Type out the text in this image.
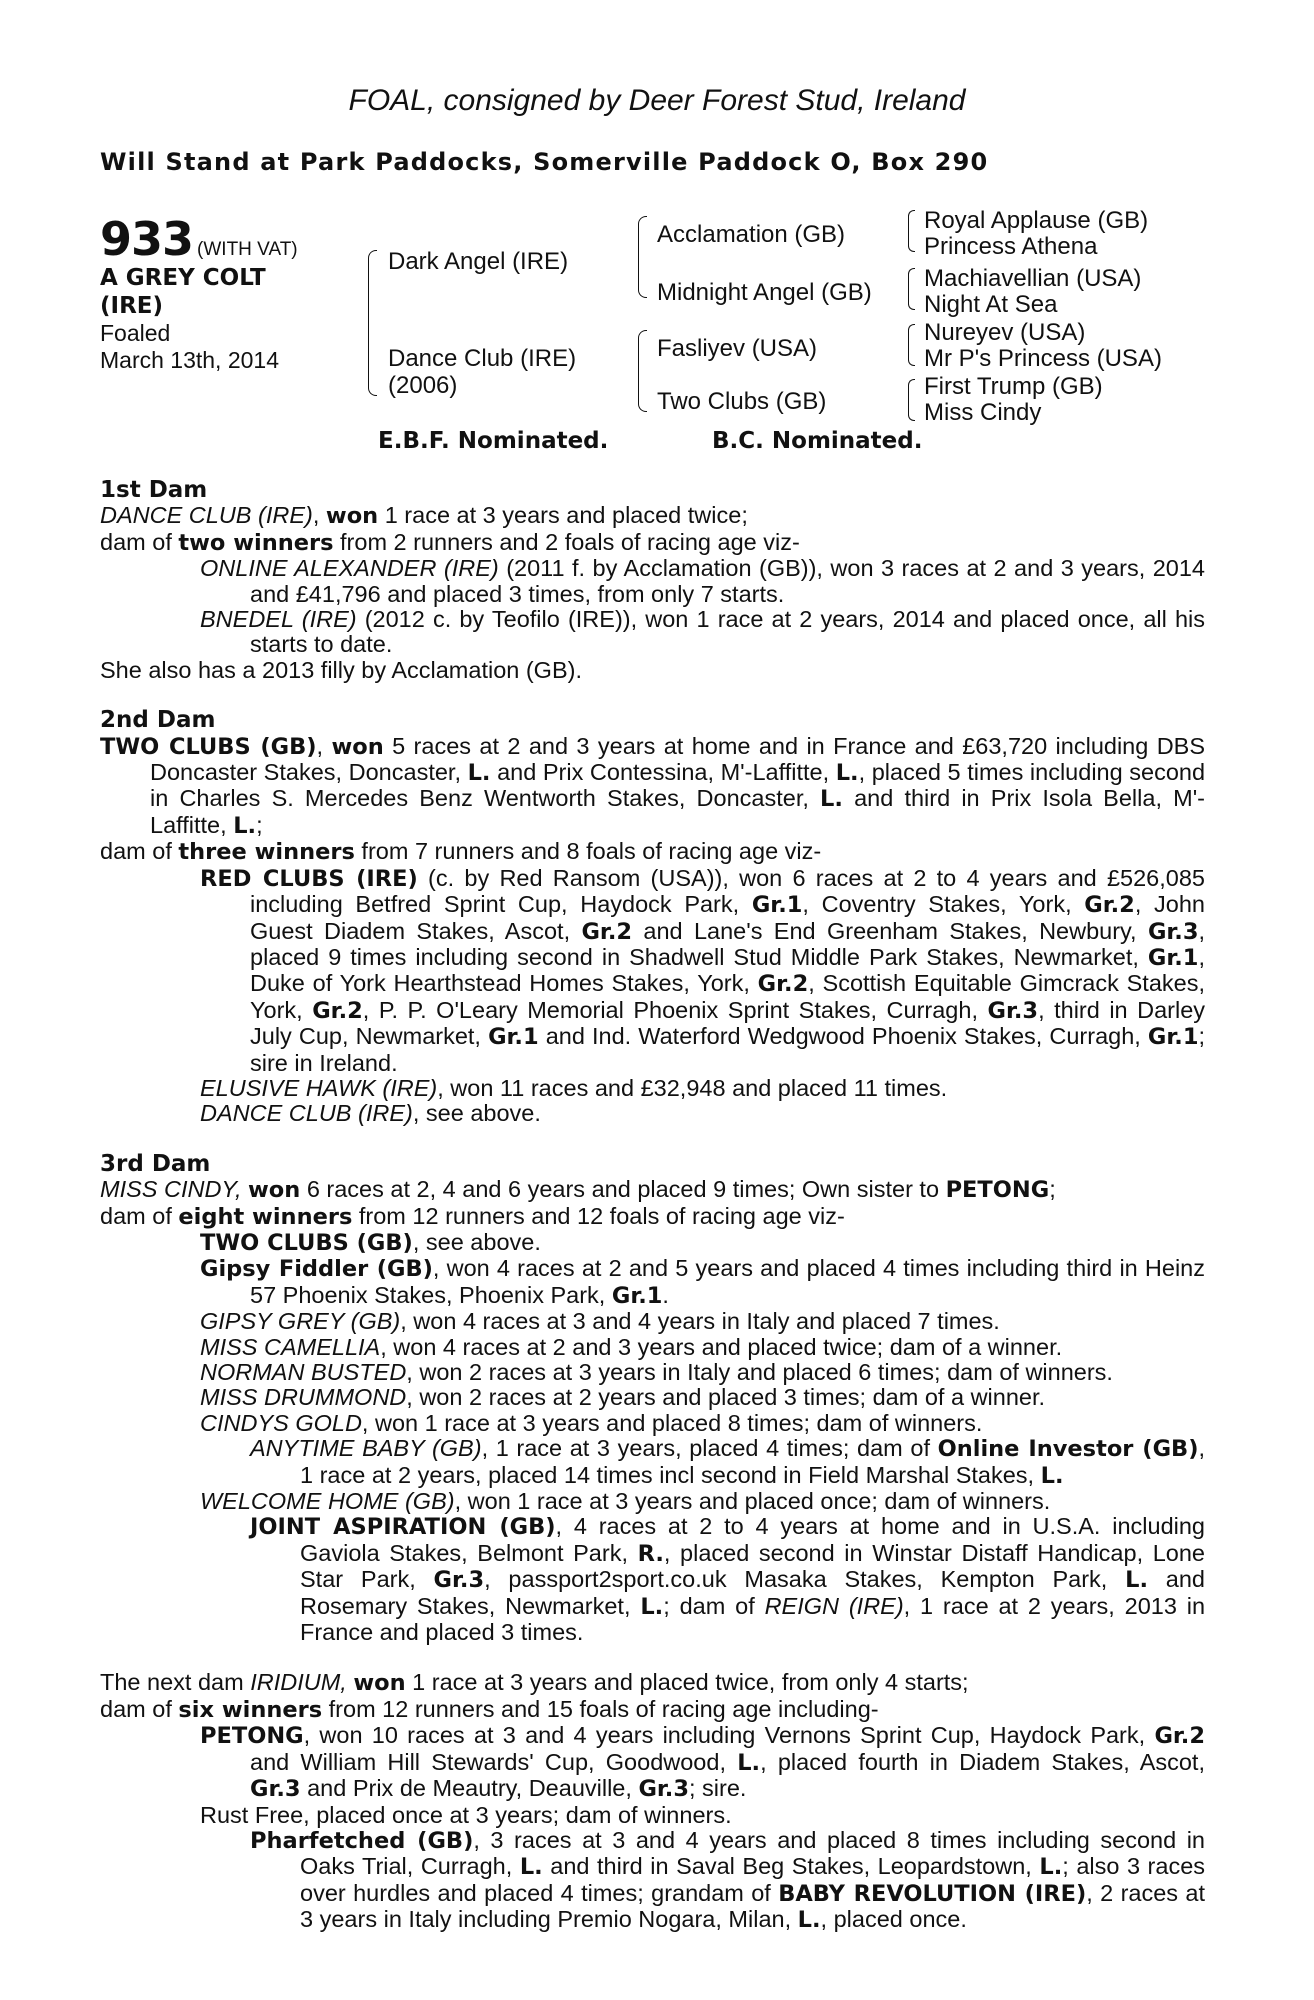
FOAL, consigned by Deer Forest Stud, Ireland
Will Stand at Park Paddocks, Somerville Paddock O, Box 290
933 (WITH VAT)
A GREY COLT
(IRE)
Foaled
March 13th, 2014
Dark Angel (IRE)
Dance Club (IRE)
(2006)
Acclamation (GB)
Midnight Angel (GB)
Fasliyev (USA)
Two Clubs (GB)
Royal Applause (GB)
Princess Athena
Machiavellian (USA)
Night At Sea
Nureyev (USA)
Mr P's Princess (USA)
First Trump (GB)
Miss Cindy
E.B.F. Nominated.	B.C. Nominated.
1st Dam

DANCE CLUB (IRE), won 1 race at 3 years and placed twice;

dam of two winners from 2 runners and 2 foals of racing age viz-

ONLINE ALEXANDER (IRE) (2011 f. by Acclamation (GB)), won 3 races at 2 and 3 years, 2014 and £41,796 and placed 3 times, from only 7 starts.

BNEDEL (IRE) (2012 c. by Teofilo (IRE)), won 1 race at 2 years, 2014 and placed once, all his starts to date.

She also has a 2013 filly by Acclamation (GB).

2nd Dam

TWO CLUBS (GB), won 5 races at 2 and 3 years at home and in France and £63,720 including DBS Doncaster Stakes, Doncaster, L. and Prix Contessina, M'-Laffitte, L., placed 5 times including second in Charles S. Mercedes Benz Wentworth Stakes, Doncaster, L. and third in Prix Isola Bella, M'-Laffitte, L.;

dam of three winners from 7 runners and 8 foals of racing age viz-

RED CLUBS (IRE) (c. by Red Ransom (USA)), won 6 races at 2 to 4 years and £526,085 including Betfred Sprint Cup, Haydock Park, Gr.1, Coventry Stakes, York, Gr.2, John Guest Diadem Stakes, Ascot, Gr.2 and Lane's End Greenham Stakes, Newbury, Gr.3, placed 9 times including second in Shadwell Stud Middle Park Stakes, Newmarket, Gr.1, Duke of York Hearthstead Homes Stakes, York, Gr.2, Scottish Equitable Gimcrack Stakes, York, Gr.2, P. P. O'Leary Memorial Phoenix Sprint Stakes, Curragh, Gr.3, third in Darley July Cup, Newmarket, Gr.1 and Ind. Waterford Wedgwood Phoenix Stakes, Curragh, Gr.1; sire in Ireland.

ELUSIVE HAWK (IRE), won 11 races and £32,948 and placed 11 times.

DANCE CLUB (IRE), see above.

3rd Dam

MISS CINDY, won 6 races at 2, 4 and 6 years and placed 9 times; Own sister to PETONG;

dam of eight winners from 12 runners and 12 foals of racing age viz-

TWO CLUBS (GB), see above.

Gipsy Fiddler (GB), won 4 races at 2 and 5 years and placed 4 times including third in Heinz 57 Phoenix Stakes, Phoenix Park, Gr.1.

GIPSY GREY (GB), won 4 races at 3 and 4 years in Italy and placed 7 times.

MISS CAMELLIA, won 4 races at 2 and 3 years and placed twice; dam of a winner.

NORMAN BUSTED, won 2 races at 3 years in Italy and placed 6 times; dam of winners.

MISS DRUMMOND, won 2 races at 2 years and placed 3 times; dam of a winner.

CINDYS GOLD, won 1 race at 3 years and placed 8 times; dam of winners.

ANYTIME BABY (GB), 1 race at 3 years, placed 4 times; dam of Online Investor (GB), 1 race at 2 years, placed 14 times incl second in Field Marshal Stakes, L.

WELCOME HOME (GB), won 1 race at 3 years and placed once; dam of winners.

JOINT ASPIRATION (GB), 4 races at 2 to 4 years at home and in U.S.A. including Gaviola Stakes, Belmont Park, R., placed second in Winstar Distaff Handicap, Lone Star Park, Gr.3, passport2sport.co.uk Masaka Stakes, Kempton Park, L. and Rosemary Stakes, Newmarket, L.; dam of REIGN (IRE), 1 race at 2 years, 2013 in France and placed 3 times.

The next dam IRIDIUM, won 1 race at 3 years and placed twice, from only 4 starts;

dam of six winners from 12 runners and 15 foals of racing age including-

PETONG, won 10 races at 3 and 4 years including Vernons Sprint Cup, Haydock Park, Gr.2 and William Hill Stewards' Cup, Goodwood, L., placed fourth in Diadem Stakes, Ascot, Gr.3 and Prix de Meautry, Deauville, Gr.3; sire.

Rust Free, placed once at 3 years; dam of winners.

Pharfetched (GB), 3 races at 3 and 4 years and placed 8 times including second in Oaks Trial, Curragh, L. and third in Saval Beg Stakes, Leopardstown, L.; also 3 races over hurdles and placed 4 times; grandam of BABY REVOLUTION (IRE), 2 races at 3 years in Italy including Premio Nogara, Milan, L., placed once.
